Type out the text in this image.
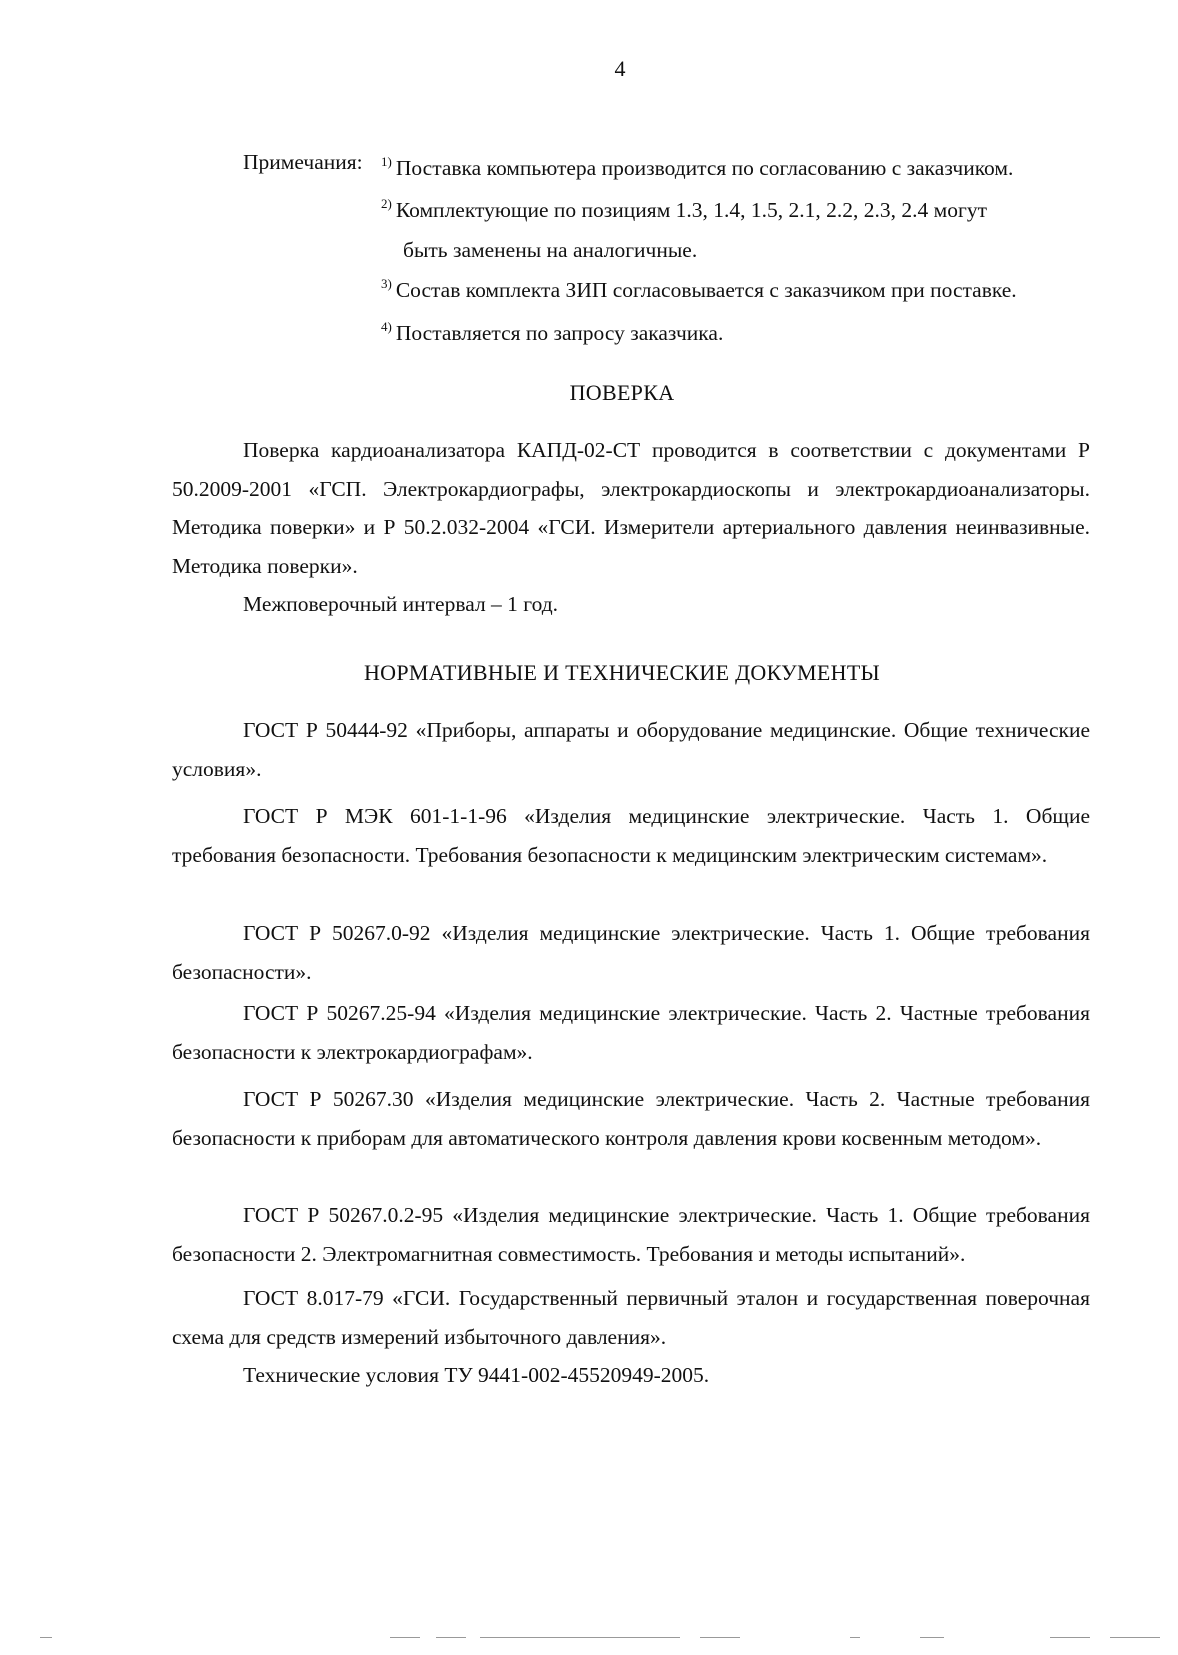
4
Примечания: $^{1)}$ Поставка компьютера производится по согласованию с заказчиком.
$^{2)}$ Комплектующие по позициям 1.3, 1.4, 1.5, 2.1, 2.2, 2.3, 2.4 могут
быть заменены на аналогичные.
$^{3)}$ Состав комплекта ЗИП согласовывается с заказчиком при поставке.
$^{4)}$ Поставляется по запросу заказчика.
ПОВЕРКА
Поверка кардиоанализатора КАПД-02-СТ проводится в соответствии с документами Р 50.2009-2001 «ГСП. Электрокардиографы, электрокардиоскопы и электрокардиоанализаторы. Методика поверки» и Р 50.2.032-2004 «ГСИ. Измерители артериального давления неинвазивные. Методика поверки».
Межповерочный интервал – 1 год.
НОРМАТИВНЫЕ И ТЕХНИЧЕСКИЕ ДОКУМЕНТЫ
ГОСТ Р 50444-92 «Приборы, аппараты и оборудование медицинские. Общие технические условия».
ГОСТ Р МЭК 601-1-1-96 «Изделия медицинские электрические. Часть 1. Общие требования безопасности. Требования безопасности к медицинским электрическим системам».
ГОСТ Р 50267.0-92 «Изделия медицинские электрические. Часть 1. Общие требования безопасности».
ГОСТ Р 50267.25-94 «Изделия медицинские электрические. Часть 2. Частные требования безопасности к электрокардиографам».
ГОСТ Р 50267.30 «Изделия медицинские электрические. Часть 2. Частные требования безопасности к приборам для автоматического контроля давления крови косвенным методом».
ГОСТ Р 50267.0.2-95 «Изделия медицинские электрические. Часть 1. Общие требования безопасности 2. Электромагнитная совместимость. Требования и методы испытаний».
ГОСТ 8.017-79 «ГСИ. Государственный первичный эталон и государственная поверочная схема для средств измерений избыточного давления».
Технические условия ТУ 9441-002-45520949-2005.
